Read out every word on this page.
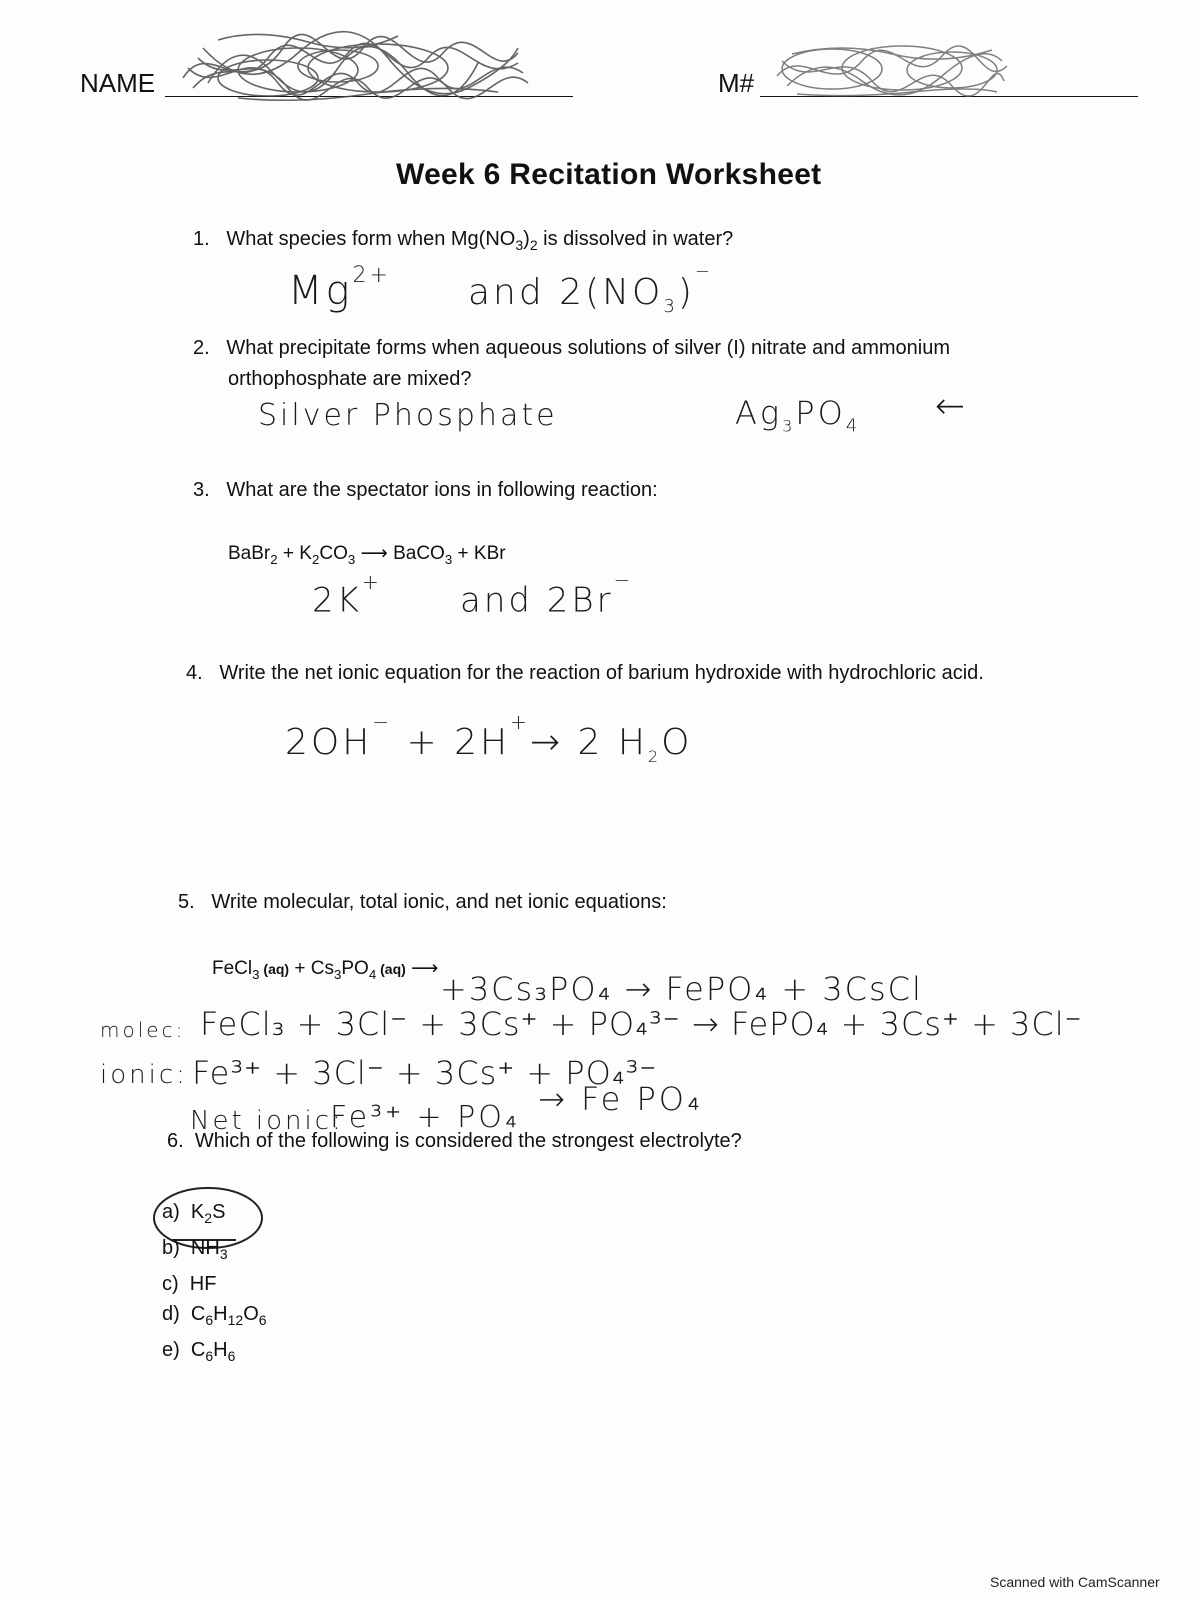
NAME	M#
Week 6 Recitation Worksheet
1. What species form when $Mg(NO_3)_2$ is dissolved in water?
$Mg^{2+}$ and $2(NO_3)^-$
2. What precipitate forms when aqueous solutions of silver (I) nitrate and ammonium
orthophosphate are mixed?
Silver Phosphate	$Ag_3PO_4$ ←
3. What are the spectator ions in following reaction:
BaBr$_2$ + $K_2CO_3$ ⟶ BaCO$_3$ + KBr
2K+ and 2Br−
4. Write the net ionic equation for the reaction of barium hydroxide with hydrochloric acid.
2OH− + 2H+→ 2 $H_2O$
5. Write molecular, total ionic, and net ionic equations:
FeCl$_3$ $(aq) + Cs_3PO_4$ (aq) ⟶
+3Cs₃PO₄ → FePO₄ + 3CsCl
molec: FeCl₃ + 3Cl⁻ + 3Cs⁺ + PO₄³⁻ → FePO₄ + 3Cs⁺ + 3Cl⁻
ionic: Fe³⁺ + 3Cl⁻ + 3Cs⁺ + PO₄³⁻
→ Fe PO₄
Net ionic:
Fe³⁺ + PO₄
6. Which of the following is considered the strongest electrolyte?
a) $K_2S$
b) $NH_3$
c) HF
d) $C_6H_{12}O_6$
e) $C_6H_6$
Scanned with CamScanner
